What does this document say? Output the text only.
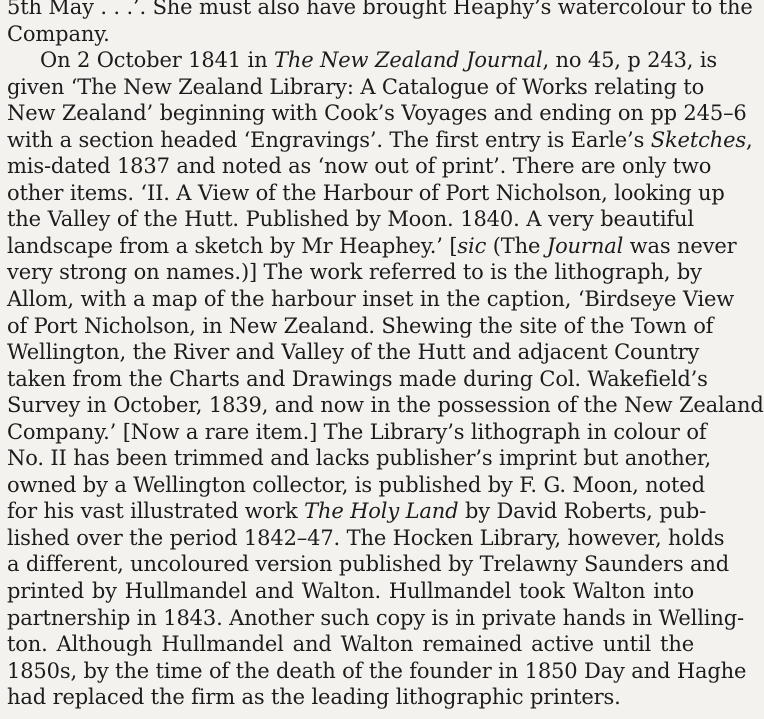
5th May . . .’. She must also have brought Heaphy’s watercolour to the
Company.
On 2 October 1841 in The New Zealand Journal, no 45, p 243, is
given ‘The New Zealand Library: A Catalogue of Works relating to
New Zealand’ beginning with Cook’s Voyages and ending on pp 245–6
with a section headed ‘Engravings’. The first entry is Earle’s Sketches,
mis-dated 1837 and noted as ‘now out of print’. There are only two
other items. ‘II. A View of the Harbour of Port Nicholson, looking up
the Valley of the Hutt. Published by Moon. 1840. A very beautiful
landscape from a sketch by Mr Heaphey.’ [sic (The Journal was never
very strong on names.)] The work referred to is the lithograph, by
Allom, with a map of the harbour inset in the caption, ‘Birdseye View
of Port Nicholson, in New Zealand. Shewing the site of the Town of
Wellington, the River and Valley of the Hutt and adjacent Country
taken from the Charts and Drawings made during Col. Wakefield’s
Survey in October, 1839, and now in the possession of the New Zealand
Company.’ [Now a rare item.] The Library’s lithograph in colour of
No. II has been trimmed and lacks publisher’s imprint but another,
owned by a Wellington collector, is published by F. G. Moon, noted
for his vast illustrated work The Holy Land by David Roberts, pub-
lished over the period 1842–47. The Hocken Library, however, holds
a different, uncoloured version published by Trelawny Saunders and
printed by Hullmandel and Walton. Hullmandel took Walton into
partnership in 1843. Another such copy is in private hands in Welling-
ton. Although Hullmandel and Walton remained active until the
1850s, by the time of the death of the founder in 1850 Day and Haghe
had replaced the firm as the leading lithographic printers.
